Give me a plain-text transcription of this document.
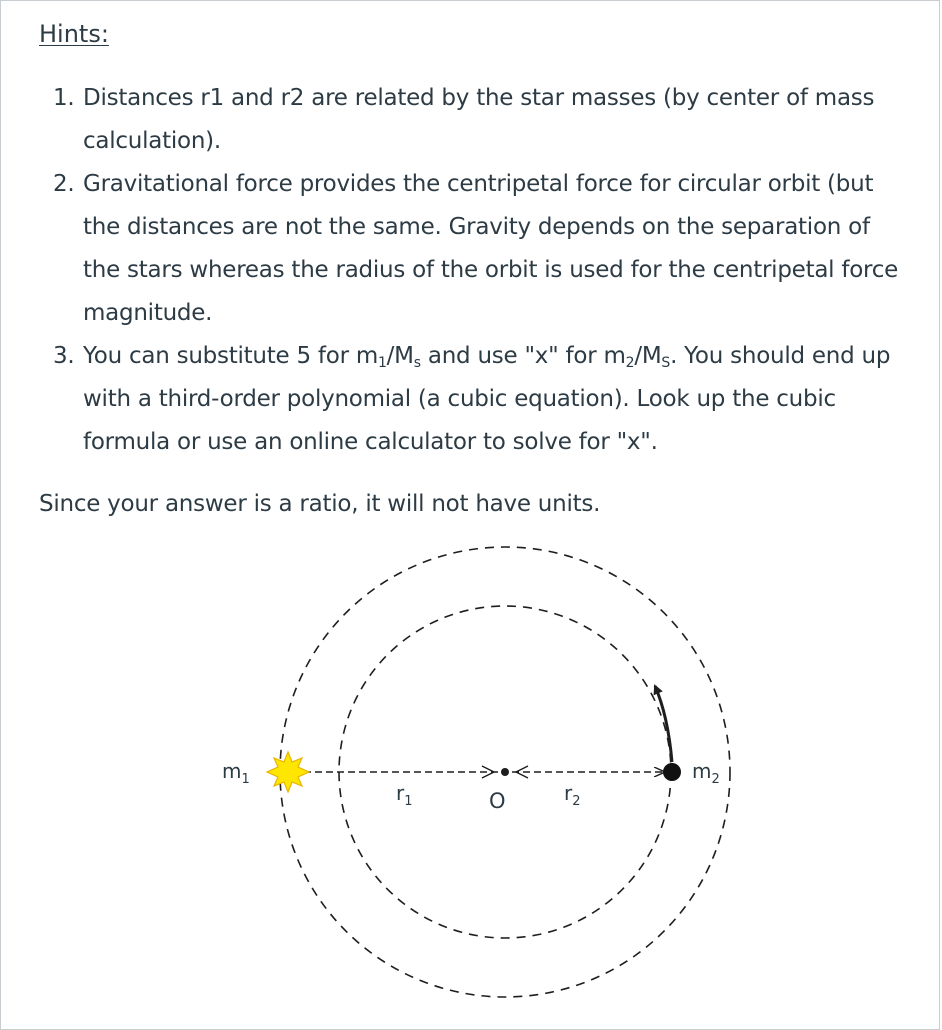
Hints:
1. Distances r1 and r2 are related by the star masses (by center of mass calculation).
2. Gravitational force provides the centripetal force for circular orbit (but the distances are not the same. Gravity depends on the separation of the stars whereas the radius of the orbit is used for the centripetal force magnitude.
3. You can substitute 5 for $m_1/M_s$ and use "x" for $m_2/M_S$. You should end up with a third-order polynomial (a cubic equation). Look up the cubic formula or use an online calculator to solve for "x".
Since your answer is a ratio, it will not have units.
$m_1$	$m_2$
$r_1$	$r_2$
O
